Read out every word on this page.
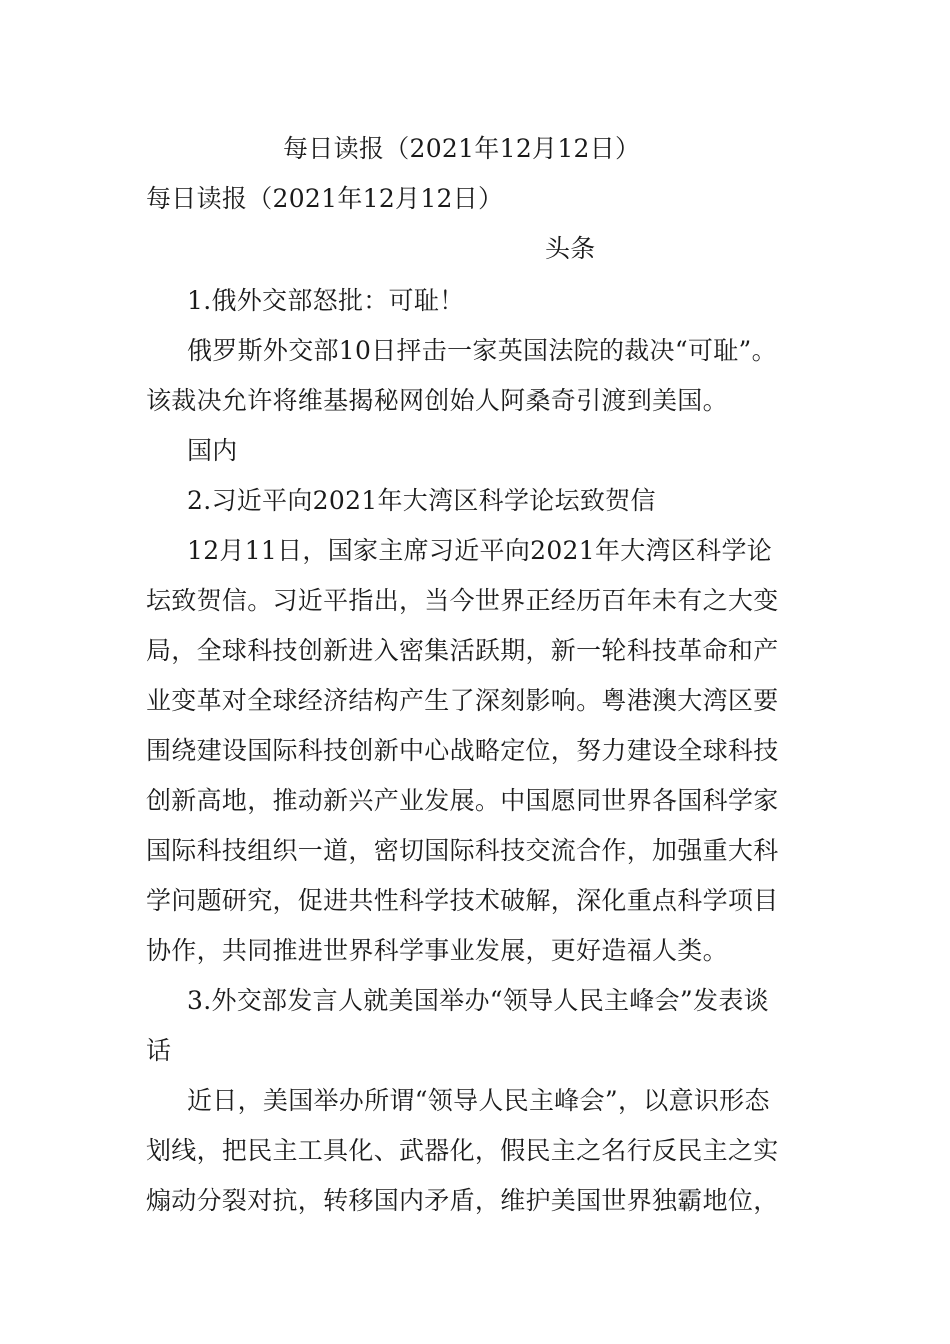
每日读报（2021年12月12日）
每日读报（2021年12月12日）
头条
1.俄外交部怒批：可耻！
俄罗斯外交部10日抨击一家英国法院的裁决“可耻”。
该裁决允许将维基揭秘网创始人阿桑奇引渡到美国。
国内
2.习近平向2021年大湾区科学论坛致贺信
12月11日，国家主席习近平向2021年大湾区科学论
坛致贺信。习近平指出，当今世界正经历百年未有之大变
局，全球科技创新进入密集活跃期，新一轮科技革命和产
业变革对全球经济结构产生了深刻影响。粤港澳大湾区要
围绕建设国际科技创新中心战略定位，努力建设全球科技
创新高地，推动新兴产业发展。中国愿同世界各国科学家
国际科技组织一道，密切国际科技交流合作，加强重大科
学问题研究，促进共性科学技术破解，深化重点科学项目
协作，共同推进世界科学事业发展，更好造福人类。
3.外交部发言人就美国举办“领导人民主峰会”发表谈
话
近日，美国举办所谓“领导人民主峰会”，以意识形态
划线，把民主工具化、武器化，假民主之名行反民主之实
煽动分裂对抗，转移国内矛盾，维护美国世界独霸地位，
